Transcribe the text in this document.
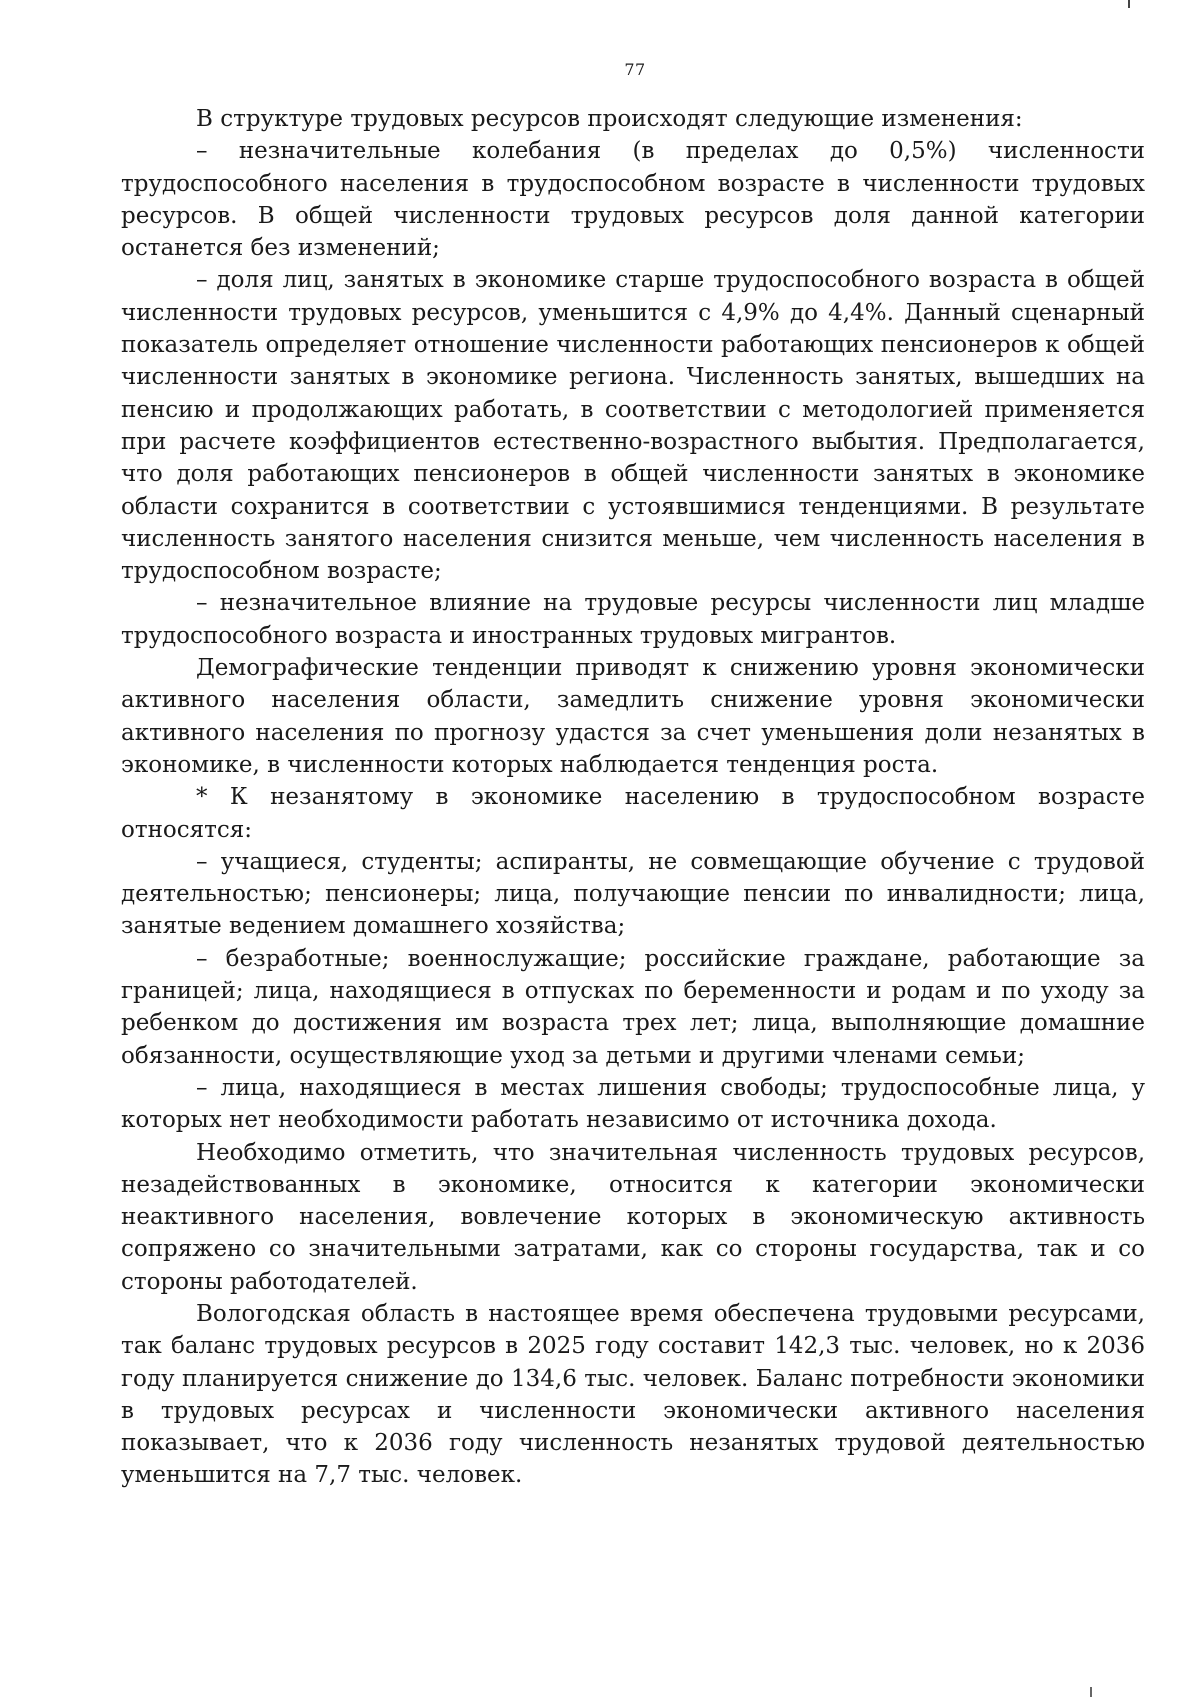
77

В структуре трудовых ресурсов происходят следующие изменения:

– незначительные колебания (в пределах до 0,5%) численности трудоспособного населения в трудоспособном возрасте в численности трудовых ресурсов. В общей численности трудовых ресурсов доля данной категории останется без изменений;

– доля лиц, занятых в экономике старше трудоспособного возраста в общей численности трудовых ресурсов, уменьшится с 4,9% до 4,4%. Данный сценарный показатель определяет отношение численности работающих пенсионеров к общей численности занятых в экономике региона. Численность занятых, вышедших на пенсию и продолжающих работать, в соответствии с методологией применяется при расчете коэффициентов естественно-возрастного выбытия. Предполагается, что доля работающих пенсионеров в общей численности занятых в экономике области сохранится в соответствии с устоявшимися тенденциями. В результате численность занятого населения снизится меньше, чем численность населения в трудоспособном возрасте;

– незначительное влияние на трудовые ресурсы численности лиц младше трудоспособного возраста и иностранных трудовых мигрантов.

Демографические тенденции приводят к снижению уровня экономически активного населения области, замедлить снижение уровня экономически активного населения по прогнозу удастся за счет уменьшения доли незанятых в экономике, в численности которых наблюдается тенденция роста.

* К незанятому в экономике населению в трудоспособном возрасте относятся:

– учащиеся, студенты; аспиранты, не совмещающие обучение с трудовой деятельностью; пенсионеры; лица, получающие пенсии по инвалидности; лица, занятые ведением домашнего хозяйства;

– безработные; военнослужащие; российские граждане, работающие за границей; лица, находящиеся в отпусках по беременности и родам и по уходу за ребенком до достижения им возраста трех лет; лица, выполняющие домашние обязанности, осуществляющие уход за детьми и другими членами семьи;

– лица, находящиеся в местах лишения свободы; трудоспособные лица, у которых нет необходимости работать независимо от источника дохода.

Необходимо отметить, что значительная численность трудовых ресурсов, незадействованных в экономике, относится к категории экономически неактивного населения, вовлечение которых в экономическую активность сопряжено со значительными затратами, как со стороны государства, так и со стороны работодателей.

Вологодская область в настоящее время обеспечена трудовыми ресурсами, так баланс трудовых ресурсов в 2025 году составит 142,3 тыс. человек, но к 2036 году планируется снижение до 134,6 тыс. человек. Баланс потребности экономики в трудовых ресурсах и численности экономически активного населения показывает, что к 2036 году численность незанятых трудовой деятельностью уменьшится на 7,7 тыс. человек.
